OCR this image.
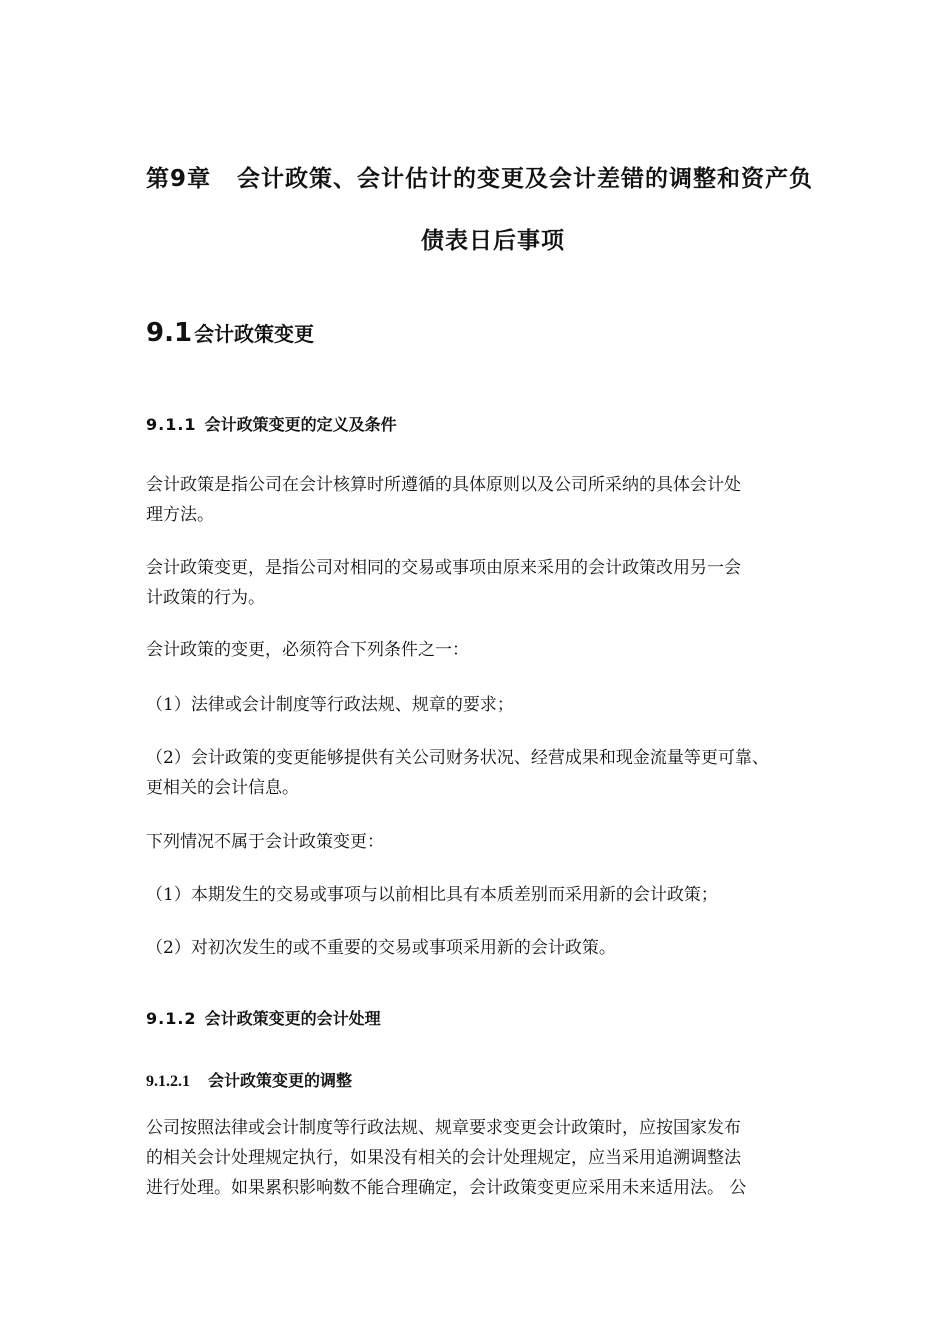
第9章 会计政策、会计估计的变更及会计差错的调整和资产负
债表日后事项
9.1 会计政策变更
9.1.1 会计政策变更的定义及条件
会计政策是指公司在会计核算时所遵循的具体原则以及公司所采纳的具体会计处
理方法。
会计政策变更，是指公司对相同的交易或事项由原来采用的会计政策改用另一会
计政策的行为。
会计政策的变更，必须符合下列条件之一：
（1）法律或会计制度等行政法规、规章的要求；
（2）会计政策的变更能够提供有关公司财务状况、经营成果和现金流量等更可靠、
更相关的会计信息。
下列情况不属于会计政策变更：
（1）本期发生的交易或事项与以前相比具有本质差别而采用新的会计政策；
（2）对初次发生的或不重要的交易或事项采用新的会计政策。
9.1.2 会计政策变更的会计处理
9.1.2.1 会计政策变更的调整
公司按照法律或会计制度等行政法规、规章要求变更会计政策时，应按国家发布
的相关会计处理规定执行，如果没有相关的会计处理规定，应当采用追溯调整法
进行处理。如果累积影响数不能合理确定，会计政策变更应采用未来适用法。 公
